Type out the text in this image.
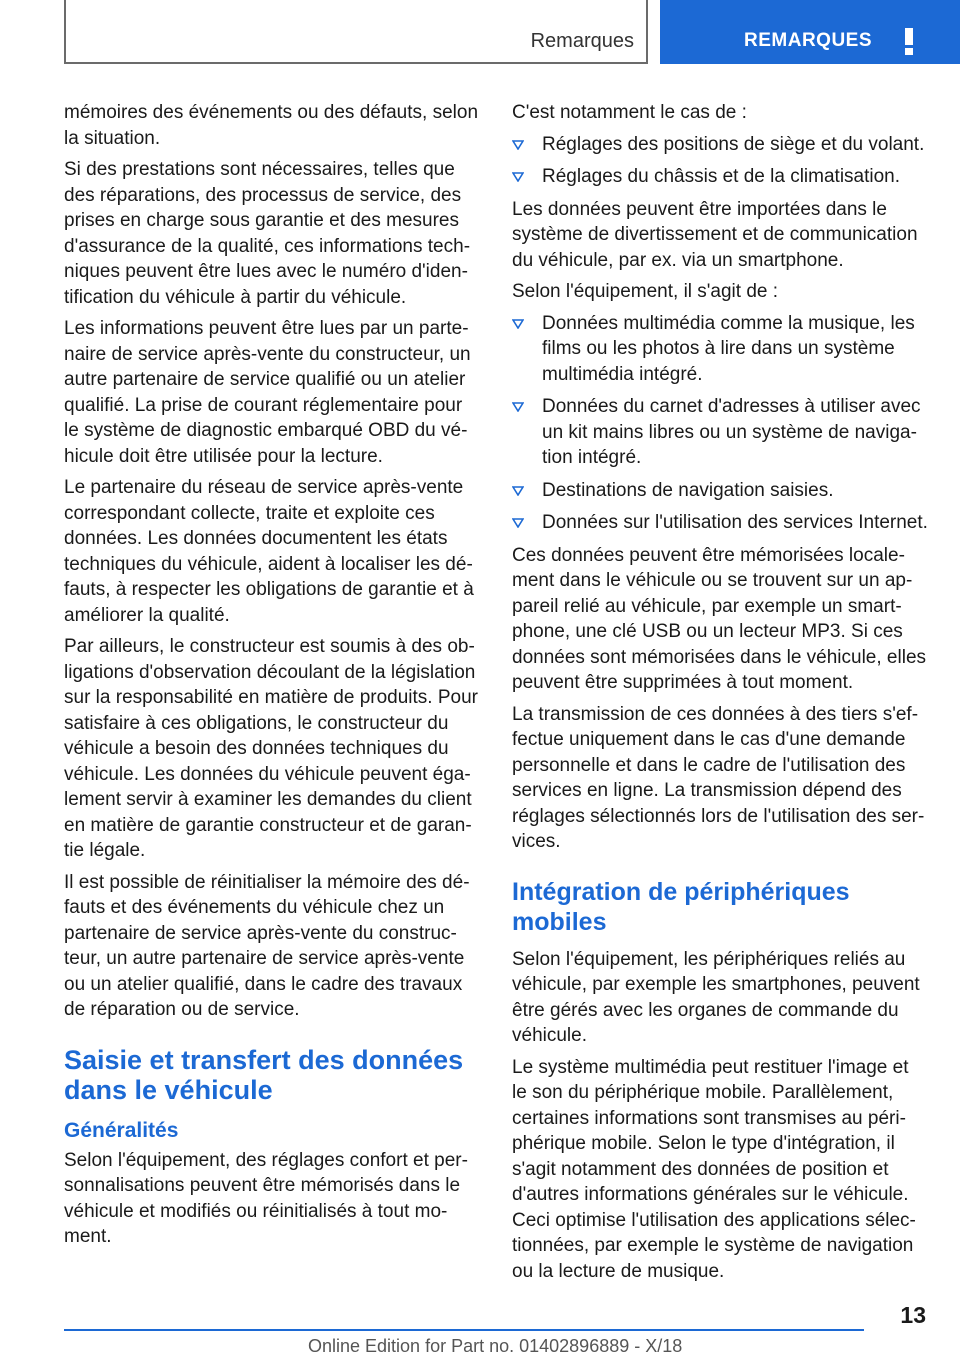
Remarques	REMARQUES

mémoires des événements ou des défauts, selon la situation.

Si des prestations sont nécessaires, telles que des réparations, des processus de service, des prises en charge sous garantie et des mesures d'assurance de la qualité, ces informations techniques peuvent être lues avec le numéro d'identification du véhicule à partir du véhicule.

Les informations peuvent être lues par un partenaire de service après-vente du constructeur, un autre partenaire de service qualifié ou un atelier qualifié. La prise de courant réglementaire pour le système de diagnostic embarqué OBD du véhicule doit être utilisée pour la lecture.

Le partenaire du réseau de service après-vente correspondant collecte, traite et exploite ces données. Les données documentent les états techniques du véhicule, aident à localiser les défauts, à respecter les obligations de garantie et à améliorer la qualité.

Par ailleurs, le constructeur est soumis à des obligations d'observation découlant de la législation sur la responsabilité en matière de produits. Pour satisfaire à ces obligations, le constructeur du véhicule a besoin des données techniques du véhicule. Les données du véhicule peuvent également servir à examiner les demandes du client en matière de garantie constructeur et de garantie légale.

Il est possible de réinitialiser la mémoire des défauts et des événements du véhicule chez un partenaire de service après-vente du constructeur, un autre partenaire de service après-vente ou un atelier qualifié, dans le cadre des travaux de réparation ou de service.

Saisie et transfert des données dans le véhicule
Généralités

Selon l'équipement, des réglages confort et personnalisations peuvent être mémorisés dans le véhicule et modifiés ou réinitialisés à tout moment.

C'est notamment le cas de :

Réglages des positions de siège et du volant.
Réglages du châssis et de la climatisation.

Les données peuvent être importées dans le système de divertissement et de communication du véhicule, par ex. via un smartphone.

Selon l'équipement, il s'agit de :

Données multimédia comme la musique, les films ou les photos à lire dans un système multimédia intégré.
Données du carnet d'adresses à utiliser avec un kit mains libres ou un système de navigation intégré.
Destinations de navigation saisies.
Données sur l'utilisation des services Internet.

Ces données peuvent être mémorisées localement dans le véhicule ou se trouvent sur un appareil relié au véhicule, par exemple un smartphone, une clé USB ou un lecteur MP3. Si ces données sont mémorisées dans le véhicule, elles peuvent être supprimées à tout moment.

La transmission de ces données à des tiers s'effectue uniquement dans le cas d'une demande personnelle et dans le cadre de l'utilisation des services en ligne. La transmission dépend des réglages sélectionnés lors de l'utilisation des services.

Intégration de périphériques mobiles

Selon l'équipement, les périphériques reliés au véhicule, par exemple les smartphones, peuvent être gérés avec les organes de commande du véhicule.

Le système multimédia peut restituer l'image et le son du périphérique mobile. Parallèlement, certaines informations sont transmises au périphérique mobile. Selon le type d'intégration, il s'agit notamment des données de position et d'autres informations générales sur le véhicule. Ceci optimise l'utilisation des applications sélectionnées, par exemple le système de navigation ou la lecture de musique.

13
Online Edition for Part no. 01402896889 - X/18
